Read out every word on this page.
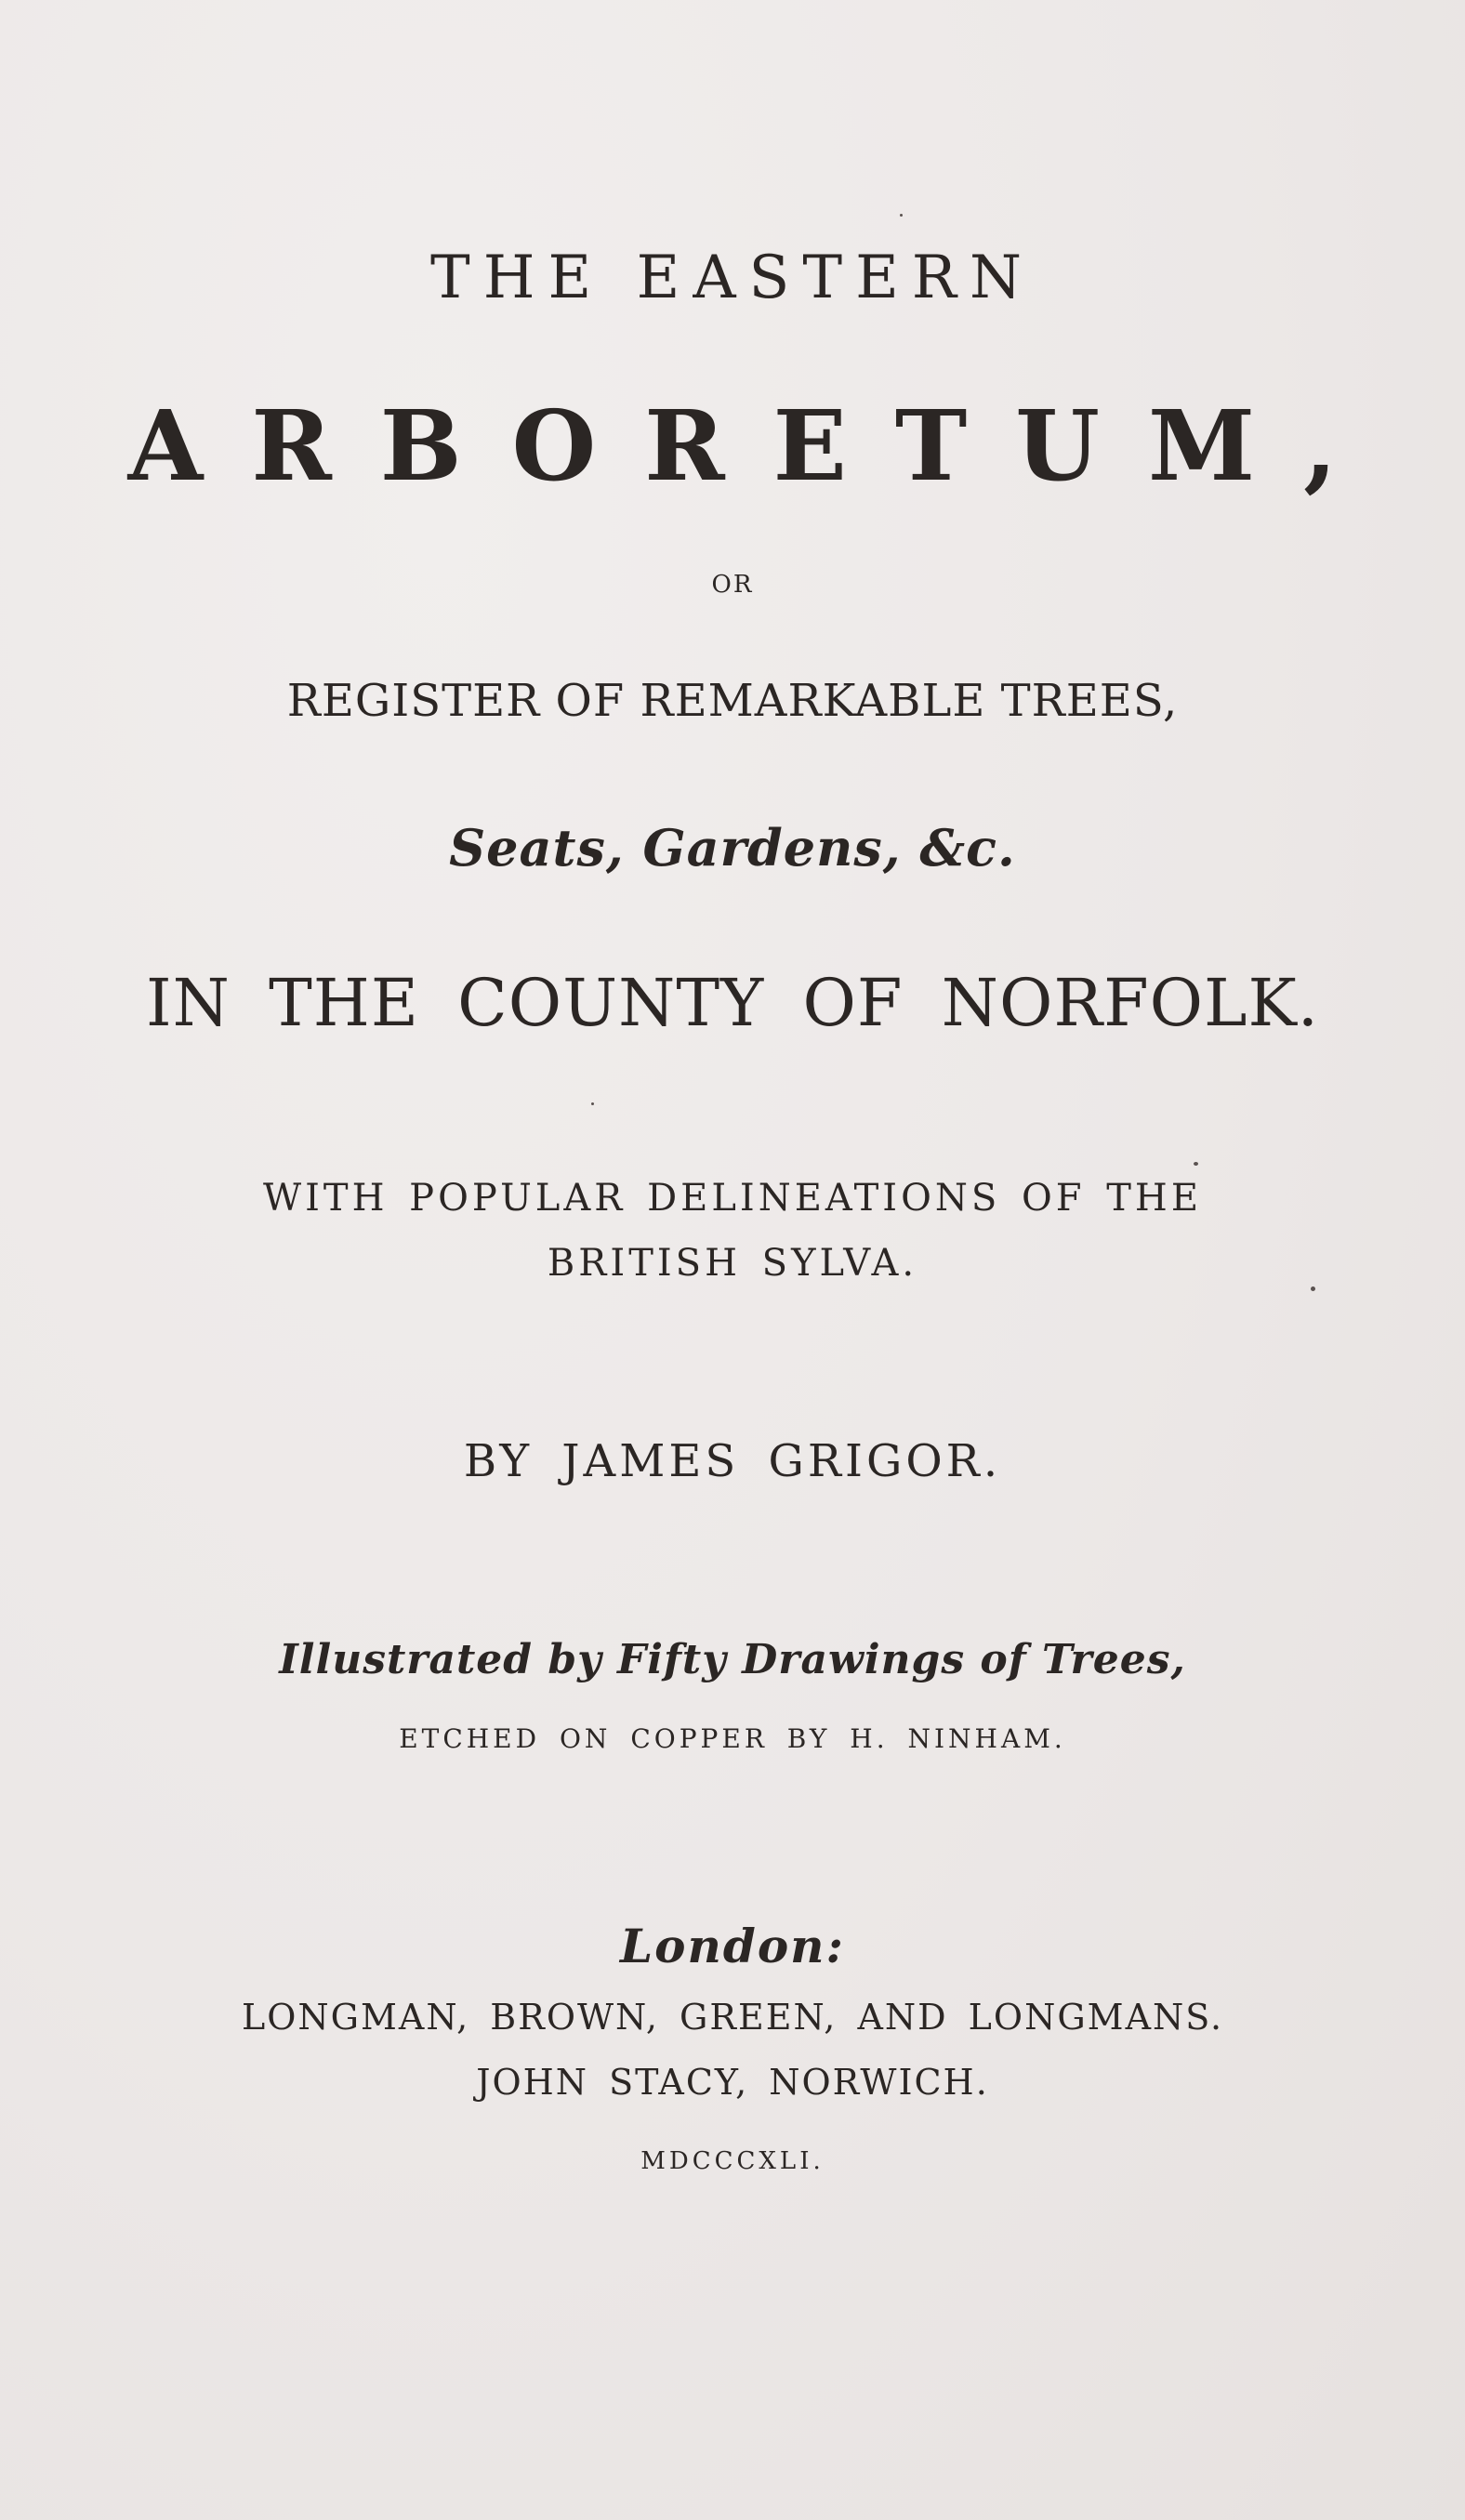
THE EASTERN
ARBORETUM,
OR
REGISTER OF REMARKABLE TREES,
Seats, Gardens, &c.
IN THE COUNTY OF NORFOLK.
WITH POPULAR DELINEATIONS OF THE
BRITISH SYLVA.
BY JAMES GRIGOR.
Illustrated by Fifty Drawings of Trees,
ETCHED ON COPPER BY H. NINHAM.
London:
LONGMAN, BROWN, GREEN, AND LONGMANS.
JOHN STACY, NORWICH.
MDCCCXLI.
